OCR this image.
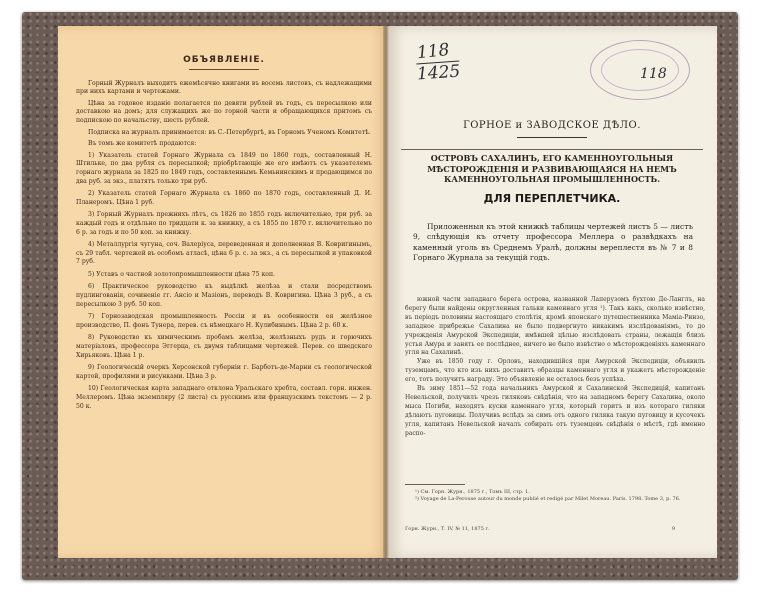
ОБЪЯВЛЕНІЕ.

Горный Журналъ выходитъ ежемѣсячно книгами въ восемь листовъ, съ надлежащими при нихъ картами и чертежами.

Цѣна за годовое изданіе полагается по девяти рублей въ годъ, съ пересылкою или доставкою на домъ; для служащихъ же по горной части и обращающихся притомъ съ подпискою по начальству, шесть рублей.

Подписка на журналъ принимается: въ С.-Петербургѣ, въ Горномъ Ученомъ Комитетѣ.

Въ томъ же комитетѣ продаются:

1) Указатель статей Горнаго Журнала съ 1849 по 1860 годъ, составленный Н. Штильке, по два рубля съ пересылкой; пріобрѣтающіе же его имѣютъ съ указателемъ горнаго журнала за 1825 по 1849 годъ, составленнымъ Кемьнинскимъ и продающимся по два руб. за экз., платятъ только три руб.

2) Указатель статей Горнаго Журнала съ 1860 по 1870 годъ, составленный Д. И. Планеромъ. Цѣна 1 руб.

3) Горный Журналъ прежнихъ лѣтъ, съ 1826 по 1855 годъ включительно, три руб. за каждый годъ и отдѣльно по тридцати к. за книжку, а съ 1855 по 1870 г. включительно по 6 р. за годъ и по 50 коп. за книжку.

4) Металлургія чугуна, соч. Валерiуса, переведенная и дополненная В. Ковригинымъ, съ 29 табл. чертежей въ особомъ атласѣ, цѣна 6 р. с. за экз., а съ пересылкой и упаковкой 7 руб.

5) Уставъ о частной золотопромышленности цѣна 75 коп.

6) Практическое руководство къ выдѣлкѣ желѣза и стали посредствомъ пудлингованія, сочиненіе гг. Ансіо и Мазіонъ, переводъ В. Ковригина. Цѣна 3 руб., а съ пересылкою 3 руб. 50 коп.

7) Горнозаводская промышленность Россіи и въ особенности ея желѣзное производство, П. фонъ Тунера, перев. съ нѣмецкаго Н. Кулибинымъ. Цѣна 2 р. 60 к.

8) Руководство къ химическимъ пробамъ желѣза, желѣзныхъ рудъ и горючихъ матеріаловъ, профессора Эггерца, съ двумя таблицами чертежей. Перев. со шведскаго Хирьяковъ. Цѣна 1 р.

9) Геологическій очеркъ Херсонской губерніи г. Барботъ-де-Марни съ геологической картой, профилями и рисунками. Цѣна 3 р.

10) Геологическая карта западнаго отклона Уральскаго хребта, составл. горн. инжен. Меллеромъ. Цѣна экземпляру (2 листа) съ русскимъ или французскимъ текстомъ — 2 р. 50 к.

118
1425	118
ГОРНОЕ и ЗАВОДСКОЕ ДѢЛО.
ОСТРОВЪ САХАЛИНЪ, ЕГО КАМЕННОУГОЛЬНЫЯ МѢСТОРОЖДЕНІЯ И РАЗВИВАЮЩАЯСЯ НА НЕМЪ КАМЕННОУГОЛЬНАЯ ПРОМЫШЛЕННОСТЬ.
ДЛЯ ПЕРЕПЛЕТЧИКА.
Приложенныя къ этой книжкѣ таблицы чертежей листъ 5 — листъ 9, слѣдующія къ отчету профессора Меллера о развѣдкахъ на каменный уголь въ Среднемъ Уралѣ, должны вереплестя въ № 7 и 8 Горнаго Журнала за текущій годъ.

южной части западнаго берега острова, названной Лаперузомъ бухтою Де-Ланглъ, на берегу были найдены округленныя гальки каменнаго угля ¹). Такъ какъ, сколько извѣстно, въ періодъ половины настоящаго столѣтія, кромѣ японскаго путешественника Мамiа-Ринзо, западное прибрежье Сахалина не было подвергнуто никакимъ изслѣдованiямъ, то до учрежденія Амурской Экспедиціи, имѣвшей цѣлью изслѣдовать страны, лежащія близъ устья Амура и занять ее послѣднее, ничего не было извѣстно о мѣсторожденіяхъ каменнаго угля на Сахалинѣ.

Уже въ 1850 году г. Орловъ, находившійся при Амурской Экспедиціи, объявилъ туземцамъ, что кто изъ нихъ доставитъ образцы каменнаго угля и укажетъ мѣсторожденіе его, тотъ получитъ награду. Это объявленіе не осталось безъ успѣха.

Въ зиму 1851—52 года начальникъ Амурской и Сахалинской Экспедицій, капитанъ Невельской, получилъ чрезъ гиляковъ свѣдѣнія, что на западномъ берегу Сахалина, около мыса Погиби, находятъ куски каменнаго угля, который горитъ и изъ котораго гиляки дѣлаютъ пуговицы. Получивъ вслѣдъ за симъ отъ одного гиляка такую пуговицу и кусочекъ угля, капитанъ Невельской началъ собирать отъ туземцевъ свѣдѣнія о мѣстѣ, гдѣ именно распо-

¹) См. Горн. Журн., 1875 г., Томъ III, стр. 1.
²) Voyage de La-Perouse autour du monde publié et redigé par Milet Moreau. Paris. 1798. Tome 3, p. 76.
Горн. Журн., Т. IV, № 11, 1875 г.	9
